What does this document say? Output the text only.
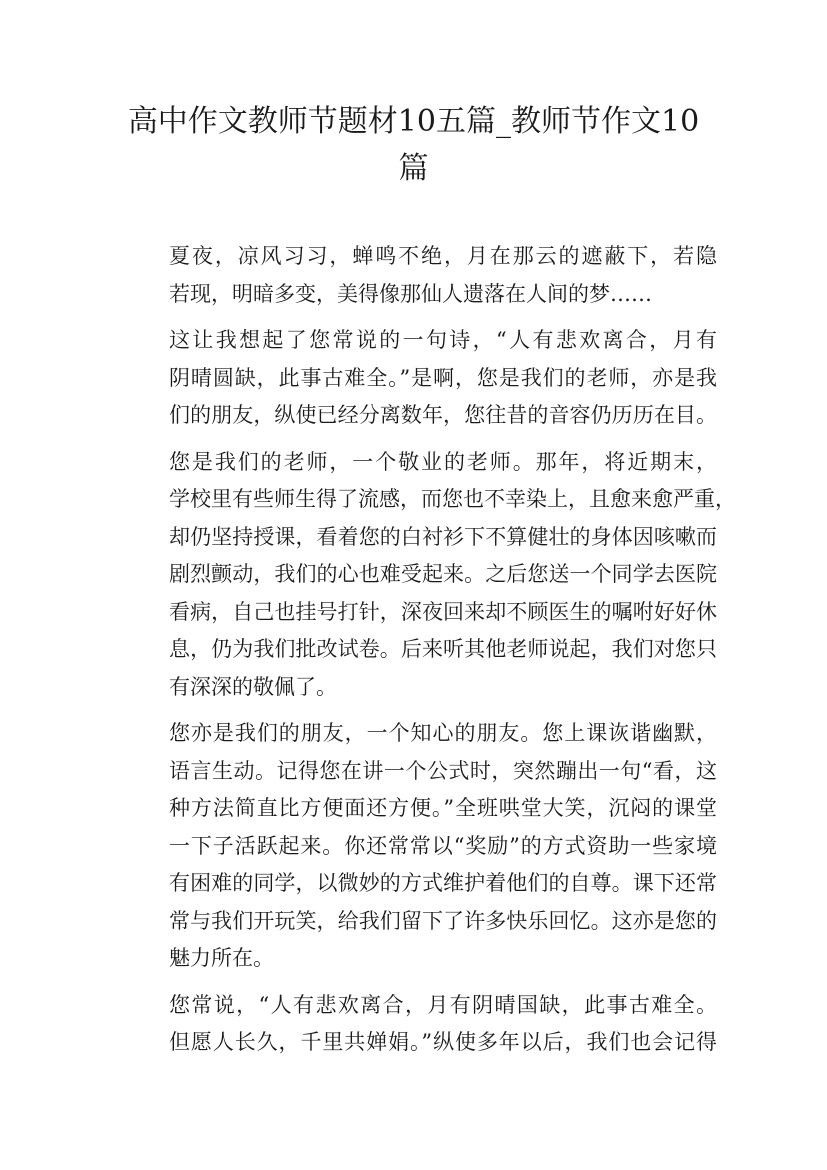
高中作文教师节题材10五篇_教师节作文10
篇

夏夜，凉风习习，蝉鸣不绝，月在那云的遮蔽下，若隐
若现，明暗多变，美得像那仙人遗落在人间的梦……

这让我想起了您常说的一句诗，“人有悲欢离合，月有
阴晴圆缺，此事古难全。”是啊，您是我们的老师，亦是我
们的朋友，纵使已经分离数年，您往昔的音容仍历历在目。

您是我们的老师，一个敬业的老师。那年，将近期末，
学校里有些师生得了流感，而您也不幸染上，且愈来愈严重，
却仍坚持授课，看着您的白衬衫下不算健壮的身体因咳嗽而
剧烈颤动，我们的心也难受起来。之后您送一个同学去医院
看病，自己也挂号打针，深夜回来却不顾医生的嘱咐好好休
息，仍为我们批改试卷。后来听其他老师说起，我们对您只
有深深的敬佩了。

您亦是我们的朋友，一个知心的朋友。您上课诙谐幽默，
语言生动。记得您在讲一个公式时，突然蹦出一句“看，这
种方法简直比方便面还方便。”全班哄堂大笑，沉闷的课堂
一下子活跃起来。你还常常以“奖励”的方式资助一些家境
有困难的同学，以微妙的方式维护着他们的自尊。课下还常
常与我们开玩笑，给我们留下了许多快乐回忆。这亦是您的
魅力所在。

您常说，“人有悲欢离合，月有阴晴国缺，此事古难全。
但愿人长久，千里共婵娟。”纵使多年以后，我们也会记得
